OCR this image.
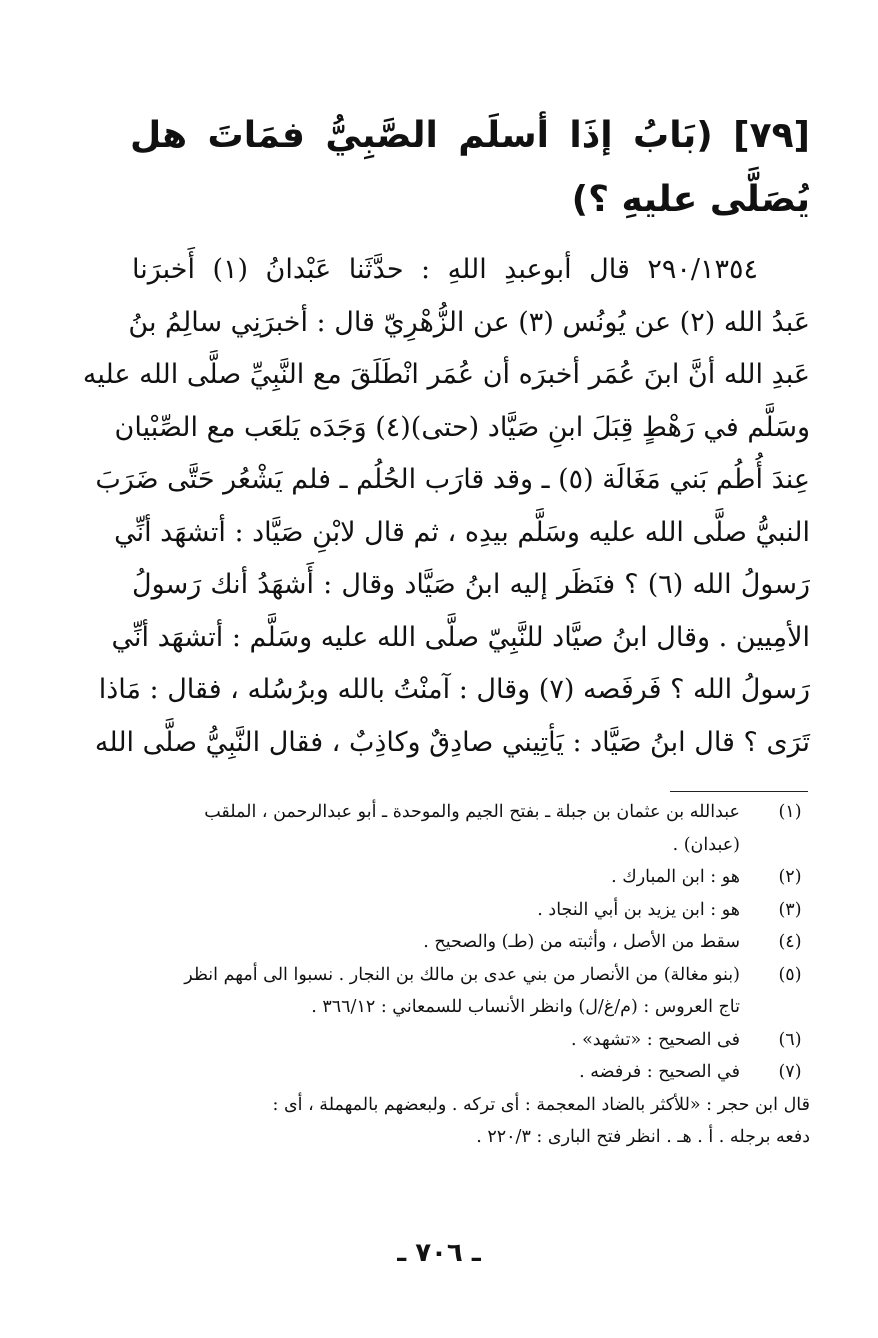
[٧٩] (بَابُ إذَا أسلَم الصَّبِيُّ فمَاتَ هل يُصَلَّى عليهِ ؟)
٢٩٠/١٣٥٤ قال أبوعبدِ اللهِ : حدَّثَنا عَبْدانُ (١) أَخبرَنا
عَبدُ الله (٢) عن يُونُس (٣) عن الزُّهْرِيّ قال : أخبرَنِي سالِمُ بنُ
عَبدِ الله أنَّ ابنَ عُمَر أخبرَه أن عُمَر انْطَلَقَ مع النَّبِيِّ صلَّى الله عليه
وسَلَّم في رَهْطٍ قِبَلَ ابنِ صَيَّاد (حتى)(٤) وَجَدَه يَلعَب مع الصِّبْيان
عِندَ أُطُم بَني مَغَالَة (٥) ـ وقد قارَب الحُلُم ـ فلم يَشْعُر حَتَّى ضَرَبَ
النبيُّ صلَّى الله عليه وسَلَّم بيدِه ، ثم قال لابْنِ صَيَّاد : أتشهَد أنِّي
رَسولُ الله (٦) ؟ فنَظَر إليه ابنُ صَيَّاد وقال : أَشهَدُ أنك رَسولُ
الأمِيين . وقال ابنُ صيَّاد للنَّبِيّ صلَّى الله عليه وسَلَّم : أتشهَد أنِّي
رَسولُ الله ؟ فَرفَصه (٧) وقال : آمنْتُ بالله وبرُسُله ، فقال : مَاذا
تَرَى ؟ قال ابنُ صَيَّاد : يَأتِيني صادِقٌ وكاذِبٌ ، فقال النَّبِيُّ صلَّى الله
(١)
عبدالله بن عثمان بن جبلة ـ بفتح الجيم والموحدة ـ أبو عبدالرحمن ، الملقب
(عبدان) .
(٢)
هو : ابن المبارك .
(٣)
هو : ابن يزيد بن أبي النجاد .
(٤)
سقط من الأصل ، وأثبته من (طـ) والصحيح .
(٥)
(بنو مغالة) من الأنصار من بني عدى بن مالك بن النجار . نسبوا الى أمهم انظر
تاج العروس : (م/غ/ل) وانظر الأنساب للسمعاني : ٣٦٦/١٢ .
(٦)
فى الصحيح : «تشهد» .
(٧)
في الصحيح : فرفضه .
قال ابن حجر : «للأكثر بالضاد المعجمة : أى تركه . ولبعضهم بالمهملة ، أى :
دفعه برجله . أ . هـ . انظر فتح البارى : ٢٢٠/٣ .
ـ ٧٠٦ ـ
